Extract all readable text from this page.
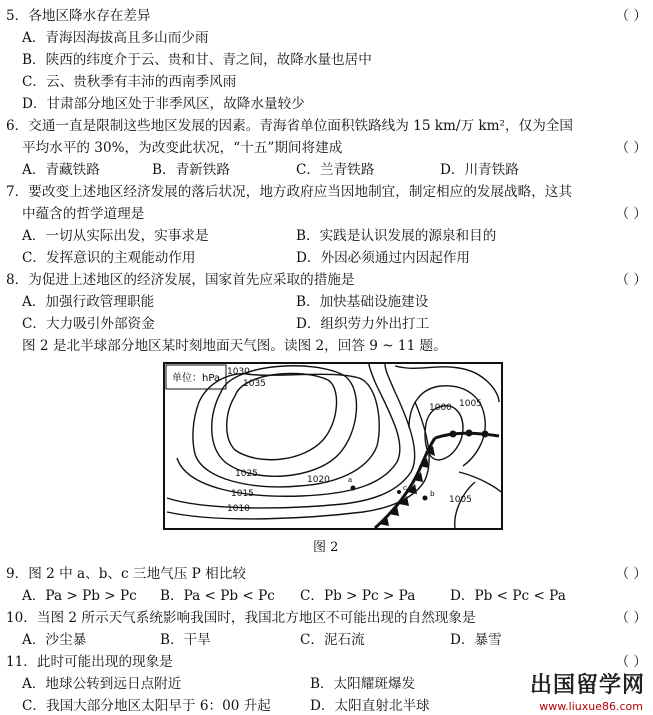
5．各地区降水存在差异	（ ）
A．青海因海拔高且多山而少雨
B．陕西的纬度介于云、贵和甘、青之间，故降水量也居中
C．云、贵秋季有丰沛的西南季风雨
D．甘肃部分地区处于非季风区，故降水量较少
6．交通一直是限制这些地区发展的因素。青海省单位面积铁路线为 15 km/万 km²，仅为全国
平均水平的 30%，为改变此状况，“十五”期间将建成	（ ）
A．青藏铁路	B．青新铁路	C．兰青铁路	D．川青铁路
7．要改变上述地区经济发展的落后状况，地方政府应当因地制宜，制定相应的发展战略，这其
中蕴含的哲学道理是	（ ）
A．一切从实际出发，实事求是	B．实践是认识发展的源泉和目的
C．发挥意识的主观能动作用	D．外因必须通过内因起作用
8．为促进上述地区的经济发展，国家首先应采取的措施是	（ ）
A．加强行政管理职能	B．加快基础设施建设
C．大力吸引外部资金	D．组织劳力外出打工
图 2 是北半球部分地区某时刻地面天气图。读图 2，回答 9 ~ 11 题。
单位：hPa
1030
1035
1025
1020
1015
1010
1000 1005
1005
a
b
c
图 2
9．图 2 中 a、b、c 三地气压 P 相比较	（ ）
A．Pa > Pb > Pc B．Pa < Pb < Pc C．Pb > Pc > Pa	D．Pb < Pc < Pa
10．当图 2 所示天气系统影响我国时，我国北方地区不可能出现的自然现象是	（ ）
A．沙尘暴	B．干旱	C．泥石流	D．暴雪
11．此时可能出现的现象是	（ ）
A．地球公转到远日点附近	B．太阳耀斑爆发
C．我国大部分地区太阳早于 6：00 升起	D．太阳直射北半球
出国留学网
www.liuxue86.com
